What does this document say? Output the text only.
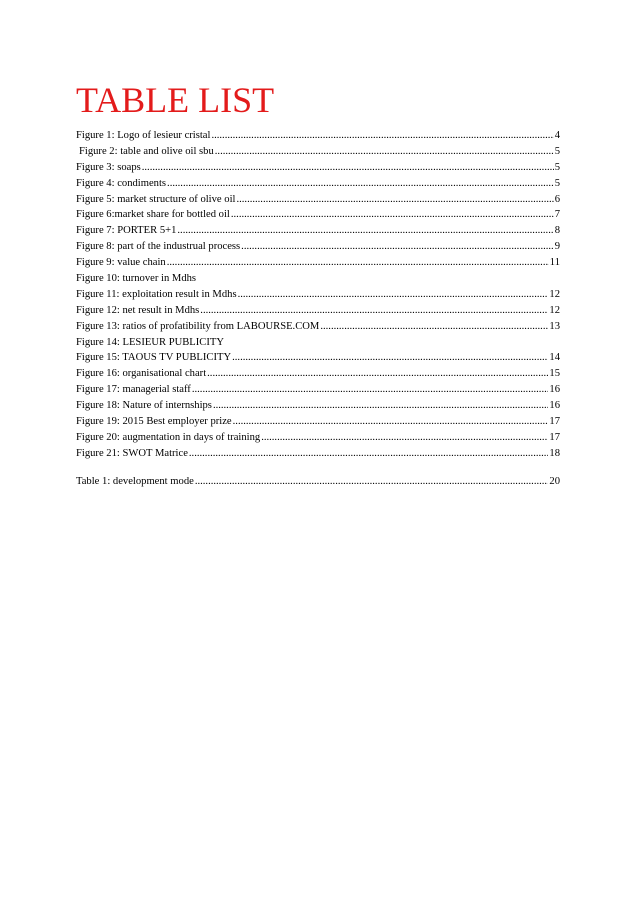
TABLE LIST
Figure 1: Logo of lesieur cristal .....	4
Figure 2: table and olive oil sbu .....	5
Figure 3: soaps .....	5
Figure 4: condiments .....	5
Figure 5: market structure of olive oil .....	6
Figure 6:market share for bottled oil .....	7
Figure 7: PORTER 5+1 .....	8
Figure 8: part of the industrual process .....	9
Figure 9: value chain .....	11
Figure 10: turnover in Mdhs
Figure 11: exploitation result in Mdhs .....	12
Figure 12: net result in Mdhs .....	12
Figure 13: ratios of profatibility from LABOURSE.COM .....	13
Figure 14: LESIEUR PUBLICITY
Figure 15: TAOUS TV PUBLICITY .....	14
Figure 16: organisational chart .....	15
Figure 17: managerial staff .....	16
Figure 18: Nature of internships .....	16
Figure 19: 2015 Best employer prize .....	17
Figure 20: augmentation in days of training .....	17
Figure 21: SWOT Matrice .....	18
Table 1: development mode .....	20
